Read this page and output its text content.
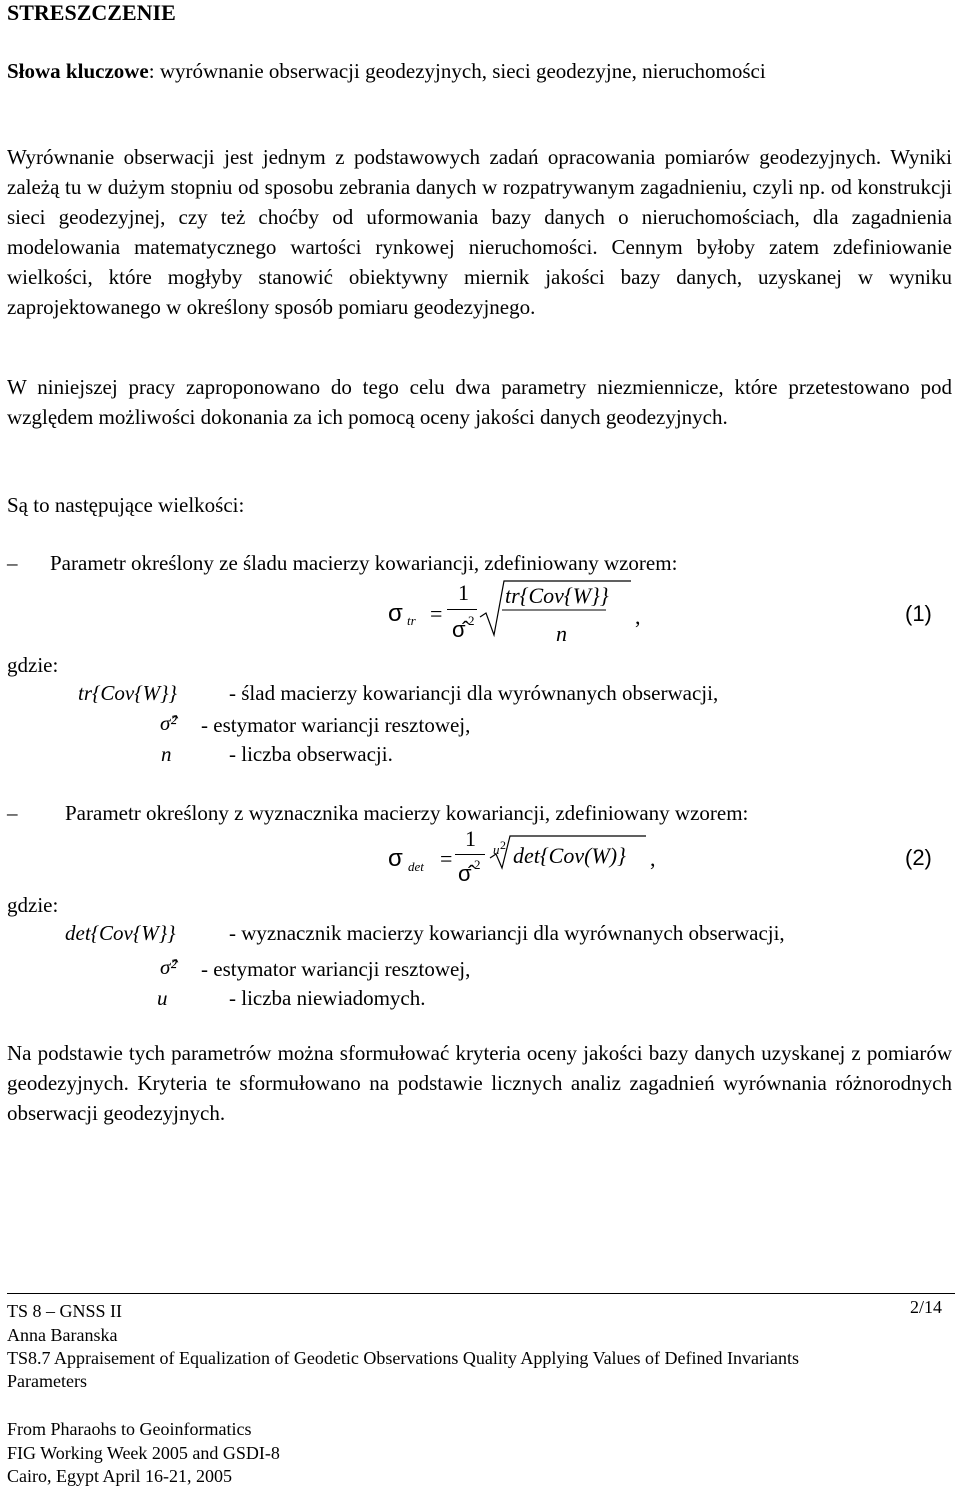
STRESZCZENIE
Słowa kluczowe: wyrównanie obserwacji geodezyjnych, sieci geodezyjne, nieruchomości
Wyrównanie obserwacji jest jednym z podstawowych zadań opracowania pomiarów geodezyjnych. Wyniki zależą tu w dużym stopniu od sposobu zebrania danych w rozpatrywanym zagadnieniu, czyli np. od konstrukcji sieci geodezyjnej, czy też choćby od uformowania bazy danych o nieruchomościach, dla zagadnienia modelowania matematycznego wartości rynkowej nieruchomości. Cennym byłoby zatem zdefiniowanie wielkości, które mogłyby stanowić obiektywny miernik jakości bazy danych, uzyskanej w wyniku zaprojektowanego w określony sposób pomiaru geodezyjnego.
W niniejszej pracy zaproponowano do tego celu dwa parametry niezmiennicze, które przetestowano pod względem możliwości dokonania za ich pomocą oceny jakości danych geodezyjnych.
Są to następujące wielkości:
– Parametr określony ze śladu macierzy kowariancji, zdefiniowany wzorem:
σ tr =
1
σ̂ 2
tr{Cov{W}}
n
,	(1)
gdzie:
tr{Cov{W}} - ślad macierzy kowariancji dla wyrównanych obserwacji,
σ̂² - estymator wariancji resztowej,
n	- liczba obserwacji.
– Parametr określony z wyznacznika macierzy kowariancji, zdefiniowany wzorem:
σ det =
1
σ̂ 2
u 2 det{Cov(W)} ,	(2)
gdzie:
det{Cov{W}}	- wyznacznik macierzy kowariancji dla wyrównanych obserwacji,
σ̂² - estymator wariancji resztowej,
u	- liczba niewiadomych.
Na podstawie tych parametrów można sformułować kryteria oceny jakości bazy danych uzyskanej z pomiarów geodezyjnych. Kryteria te sformułowano na podstawie licznych analiz zagadnień wyrównania różnorodnych obserwacji geodezyjnych.
TS 8 – GNSS II	2/14
Anna Baranska
TS8.7 Appraisement of Equalization of Geodetic Observations Quality Applying Values of Defined Invariants
Parameters
From Pharaohs to Geoinformatics
FIG Working Week 2005 and GSDI-8
Cairo, Egypt April 16-21, 2005
